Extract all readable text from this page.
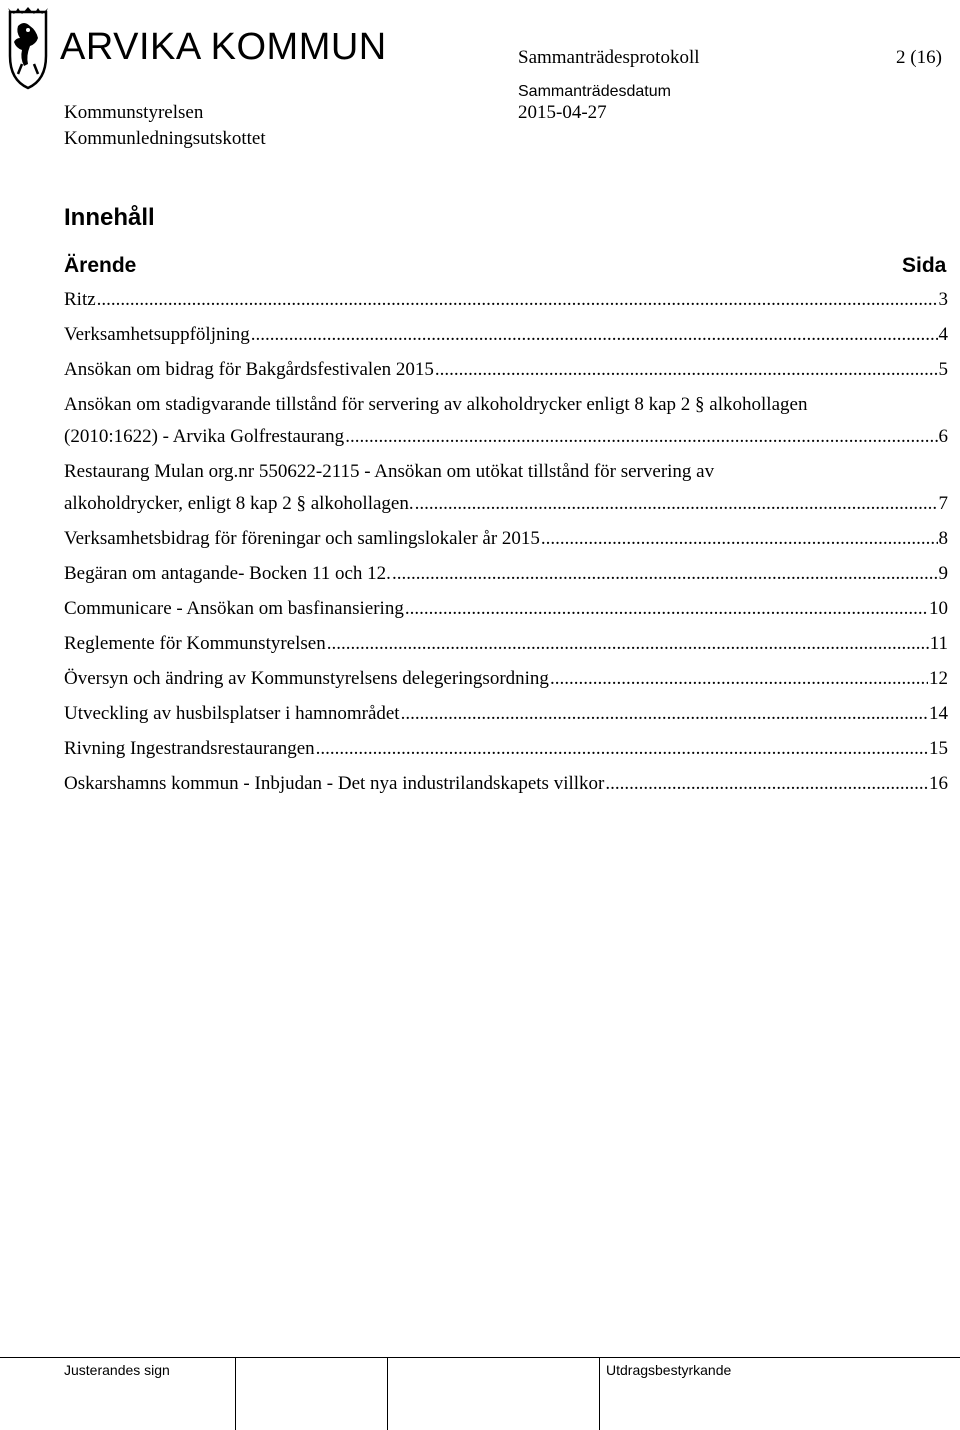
ARVIKA KOMMUN	Sammanträdesprotokoll	2 (16)
Sammanträdesdatum
Kommunstyrelsen	2015-04-27
Kommunledningsutskottet
Innehåll
Ärende	Sida
Ritz .....	3
Verksamhetsuppföljning .....	4
Ansökan om bidrag för Bakgårdsfestivalen 2015 .....	5
Ansökan om stadigvarande tillstånd för servering av alkoholdrycker enligt 8 kap 2 § alkohollagen
(2010:1622) - Arvika Golfrestaurang .....	6
Restaurang Mulan org.nr 550622-2115 - Ansökan om utökat tillstånd för servering av
alkoholdrycker, enligt 8 kap 2 § alkohollagen. .....	7
Verksamhetsbidrag för föreningar och samlingslokaler år 2015 .....	8
Begäran om antagande- Bocken 11 och 12. .....	9
Communicare - Ansökan om basfinansiering .....	10
Reglemente för Kommunstyrelsen .....	11
Översyn och ändring av Kommunstyrelsens delegeringsordning .....	12
Utveckling av husbilsplatser i hamnområdet .....	14
Rivning Ingestrandsrestaurangen .....	15
Oskarshamns kommun - Inbjudan - Det nya industrilandskapets villkor .....	16
Justerandes sign	Utdragsbestyrkande
